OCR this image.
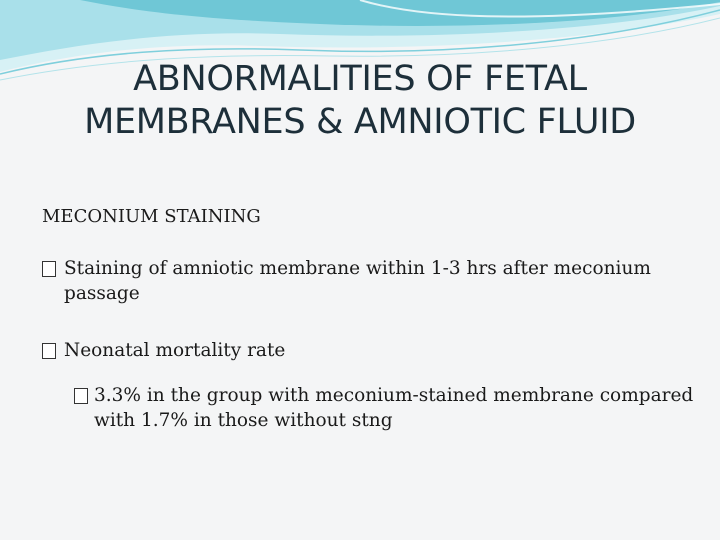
ABNORMALITIES OF FETAL
MEMBRANES & AMNIOTIC FLUID
MECONIUM STAINING
Staining of amniotic membrane within 1-3 hrs after meconium passage
Neonatal mortality rate
3.3% in the group with meconium-stained membrane compared with 1.7% in those without stng
